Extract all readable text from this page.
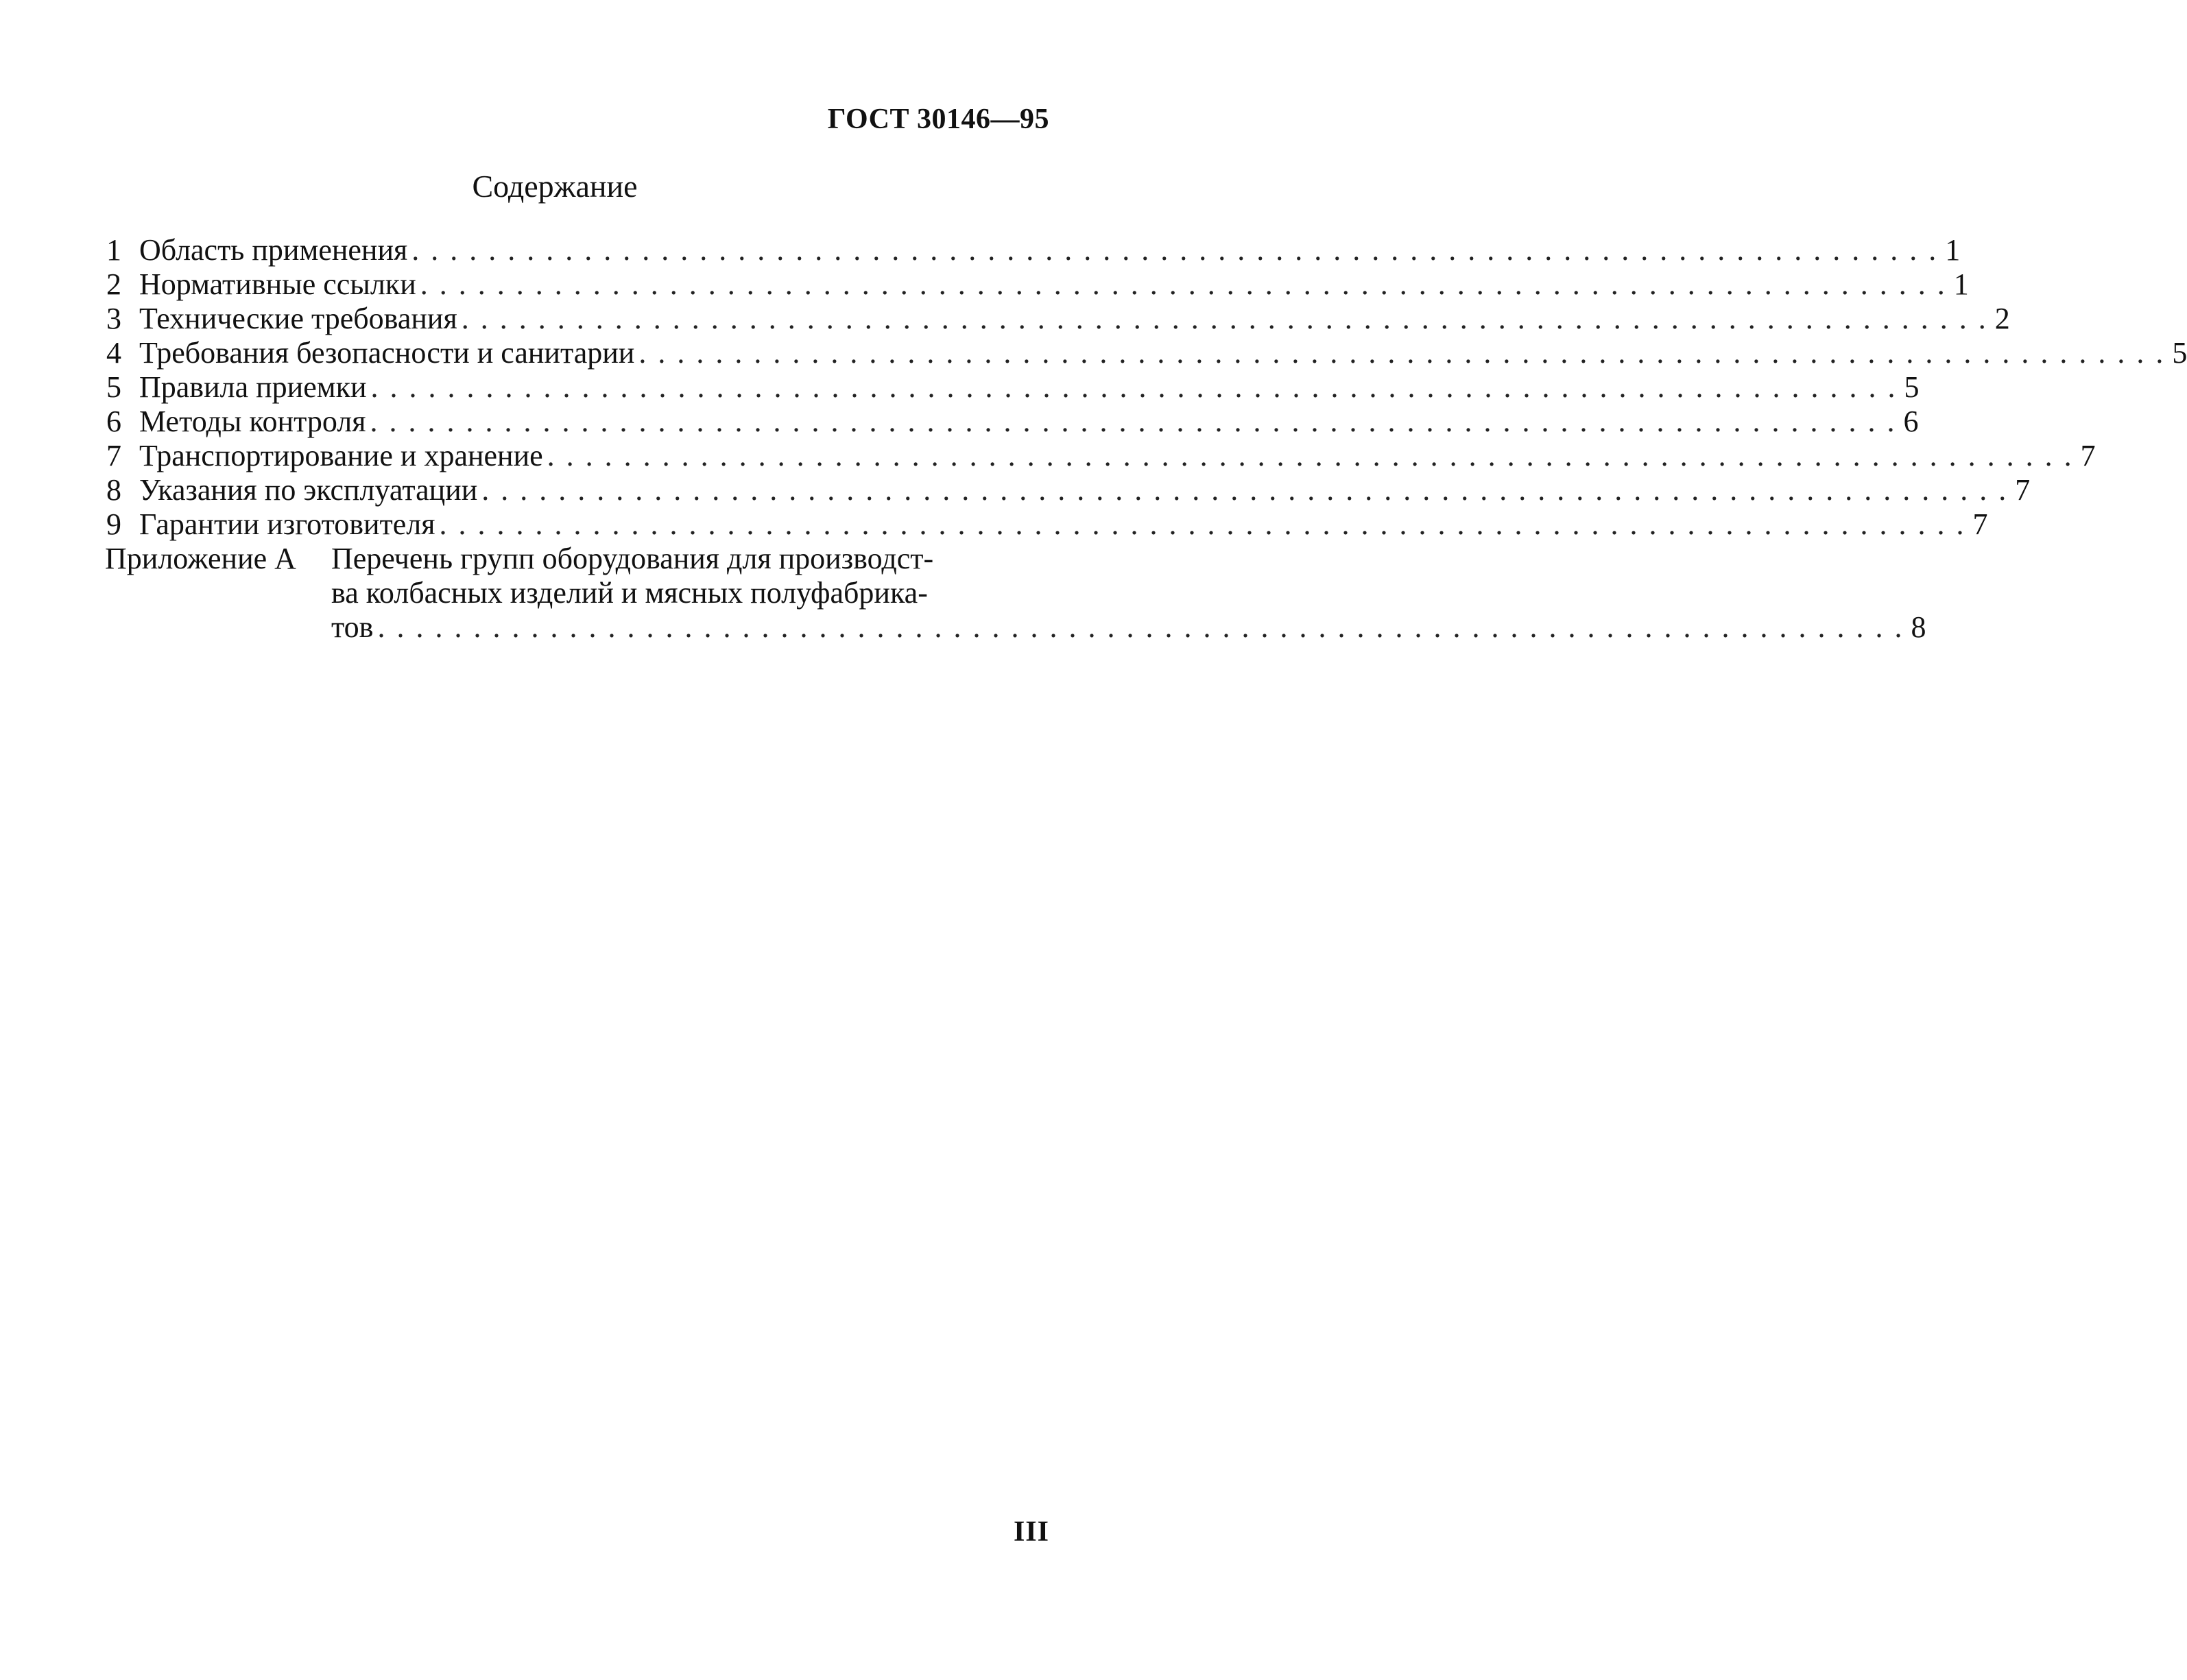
ГОСТ 30146—95
Содержание
1 Область применения . . .	1
2 Нормативные ссылки . . .	1
3 Технические требования . . .	2
4 Требования безопасности и санитарии . . .	5
5 Правила приемки . . .	5
6 Методы контроля . . .	6
7 Транспортирование и хранение . . .	7
8 Указания по эксплуатации . . .	7
9 Гарантии изготовителя . . .	7
Приложение А	Перечень групп оборудования для производст-
ва колбасных изделий и мясных полуфабрика-
тов . . .	8
III
